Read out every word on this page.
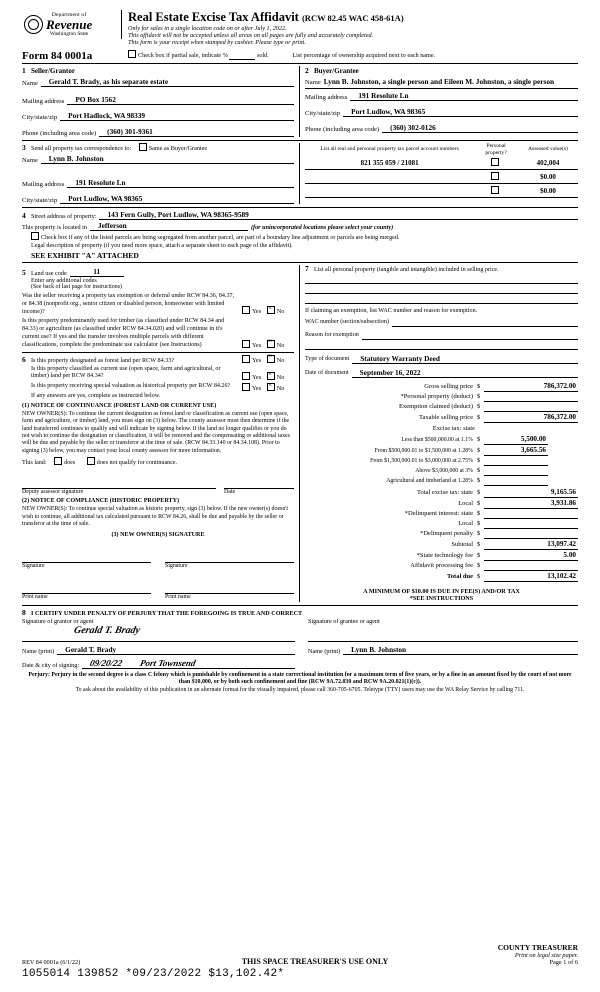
Department of
Revenue
Washington State
Real Estate Excise Tax Affidavit (RCW 82.45 WAC 458-61A)
Only for sales in a single location code on or after July 1, 2022.
This affidavit will not be accepted unless all areas on all pages are fully and accurately completed.
This form is your receipt when stamped by cashier. Please type or print.
Form 84 0001a	Check box if partial sale, indicate %	sold.	List percentage of ownership acquired next to each name.
1 Seller/Grantor
Name	Gerald T. Brady, as his separate estate
Mailing address	PO Box 1562
City/state/zip	Port Hadlock, WA 98339
Phone (including area code)	(360) 301-9361
2 Buyer/Grantee
Name Lynn B. Johnston, a single person and Eileen M. Johnston, a single person
Mailing address	191 Resolute Ln
City/state/zip	Port Ludlow, WA 98365
Phone (including area code)	(360) 302-0126
3 Send all property tax correspondence to:	Same as Buyer/Grantee
Name	Lynn B. Johnston
Mailing address	191 Resolute Ln
City/state/zip	Port Ludlow, WA 98365
List all real and personal property tax parcel account numbers	Personal property?	Assessed value(s)
821 355 059 / 21081		402,004
		$0.00
		$0.00
4 Street address of property:	143 Fern Gully, Port Ludlow, WA 98365-9589
This property is located in	Jefferson	(for unincorporated locations please select your county)
Check box if any of the listed parcels are being segregated from another parcel, are part of a boundary line adjustment or parcels are being merged.
Legal description of property (if you need more space, attach a separate sheet to each page of the affidavit).
SEE EXHIBIT "A" ATTACHED
5 Land use code	11
Enter any additional codes
(See back of last page for instructions)
Was the seller receiving a property tax exemption or deferral under RCW 84.36, 84.37, or 84.38 (nonprofit org., senior citizen or disabled person, homeowner with limited income)?	Yes × No
Is this property predominantly used for timber (as classified under RCW 84.34 and 84.33) or agriculture (as classified under RCW 84.34.020) and will continue in it's current use? If yes and the transfer involves multiple parcels with different classifications, complete the predominate use calculator (see Instructions)	Yes × No
6 Is this property designated as forest land per RCW 84.33?	Yes × No
Is this property classified as current use (open space, farm and agricultural, or timber) land per RCW 84.34?	Yes × No
Is this property receiving special valuation as historical property per RCW 84.26?	Yes × No
If any answers are yes, complete as instructed below.
(1) NOTICE OF CONTINUANCE (FOREST LAND OR CURRENT USE)
NEW OWNER(S): To continue the current designation as forest land or classification as current use (open space, farm and agriculture, or timber) land, you must sign on (3) below. The county assessor must then determine if the land transferred continues to qualify and will indicate by signing below. If the land no longer qualifies or you do not wish to continue the designation or classification, it will be removed and the compensating or additional taxes will be due and payable by the seller or transferor at the time of sale. (RCW 84.33.140 or 84.34.108). Prior to signing (3) below, you may contact your local county assessor for more information.
This land:	does	does not qualify for continuance.
Deputy assessor signature	Date
(2) NOTICE OF COMPLIANCE (HISTORIC PROPERTY)
NEW OWNER(S): To continue special valuation as historic property, sign (3) below. If the new owner(s) doesn't wish to continue, all additional tax calculated pursuant to RCW 84.26, shall be due and payable by the seller or transferor at the time of sale.
(3) NEW OWNER(S) SIGNATURE
Signature	Signature
Print name	Print name
7 List all personal property (tangible and intangible) included in selling price.
If claiming an exemption, list WAC number and reason for exemption.
WAC number (section/subsection)
Reason for exemption
Type of document	Statutory Warranty Deed
Date of document	September 16, 2022
Gross selling price $	786,372.00
*Personal property (deduct) $
Exemption claimed (deduct) $
Taxable selling price $	786,372.00
Excise tax: state
Less than $500,000.00 at 1.1% $	5,500.00
From $500,000.01 to $1,500,000 at 1.28% $	3,665.56
From $1,500,000.01 to $3,000,000 at 2.75% $
Above $3,000,000 at 3% $
Agricultural and timberland at 1.28% $
Total excise tax: state $	9,165.56
Local $	3,931.86
*Delinquent interest: state $
Local $
*Delinquent penalty $
Subtotal $	13,097.42
*State technology fee $	5.00
Affidavit processing fee $
Total due $	13,102.42
A MINIMUM OF $10.00 IS DUE IN FEE(S) AND/OR TAX
*SEE INSTRUCTIONS
8 I CERTIFY UNDER PENALTY OF PERJURY THAT THE FOREGOING IS TRUE AND CORRECT
Signature of grantor or agent
Gerald T. Brady
Name (print)	Gerald T. Brady
Date & city of signing:	09/20/22 Port Townsend
Signature of grantee or agent
Name (print)	Lynn B. Johnston
Perjury: Perjury in the second degree is a class C felony which is punishable by confinement in a state correctional institution for a maximum term of five years, or by a fine in an amount fixed by the court of not more than $10,000, or by both such confinement and fine (RCW 9A.72.030 and RCW 9A.20.021(1)(c)).
To ask about the availability of this publication in an alternate format for the visually impaired, please call 360-705-6705. Teletype (TTY) users may use the WA Relay Service by calling 711.
REV 84 0001a (6/1/22)	THIS SPACE TREASURER'S USE ONLY
COUNTY TREASURER
Print on legal size paper.
Page 1 of 6
1055014 139852 *09/23/2022 $13,102.42*
